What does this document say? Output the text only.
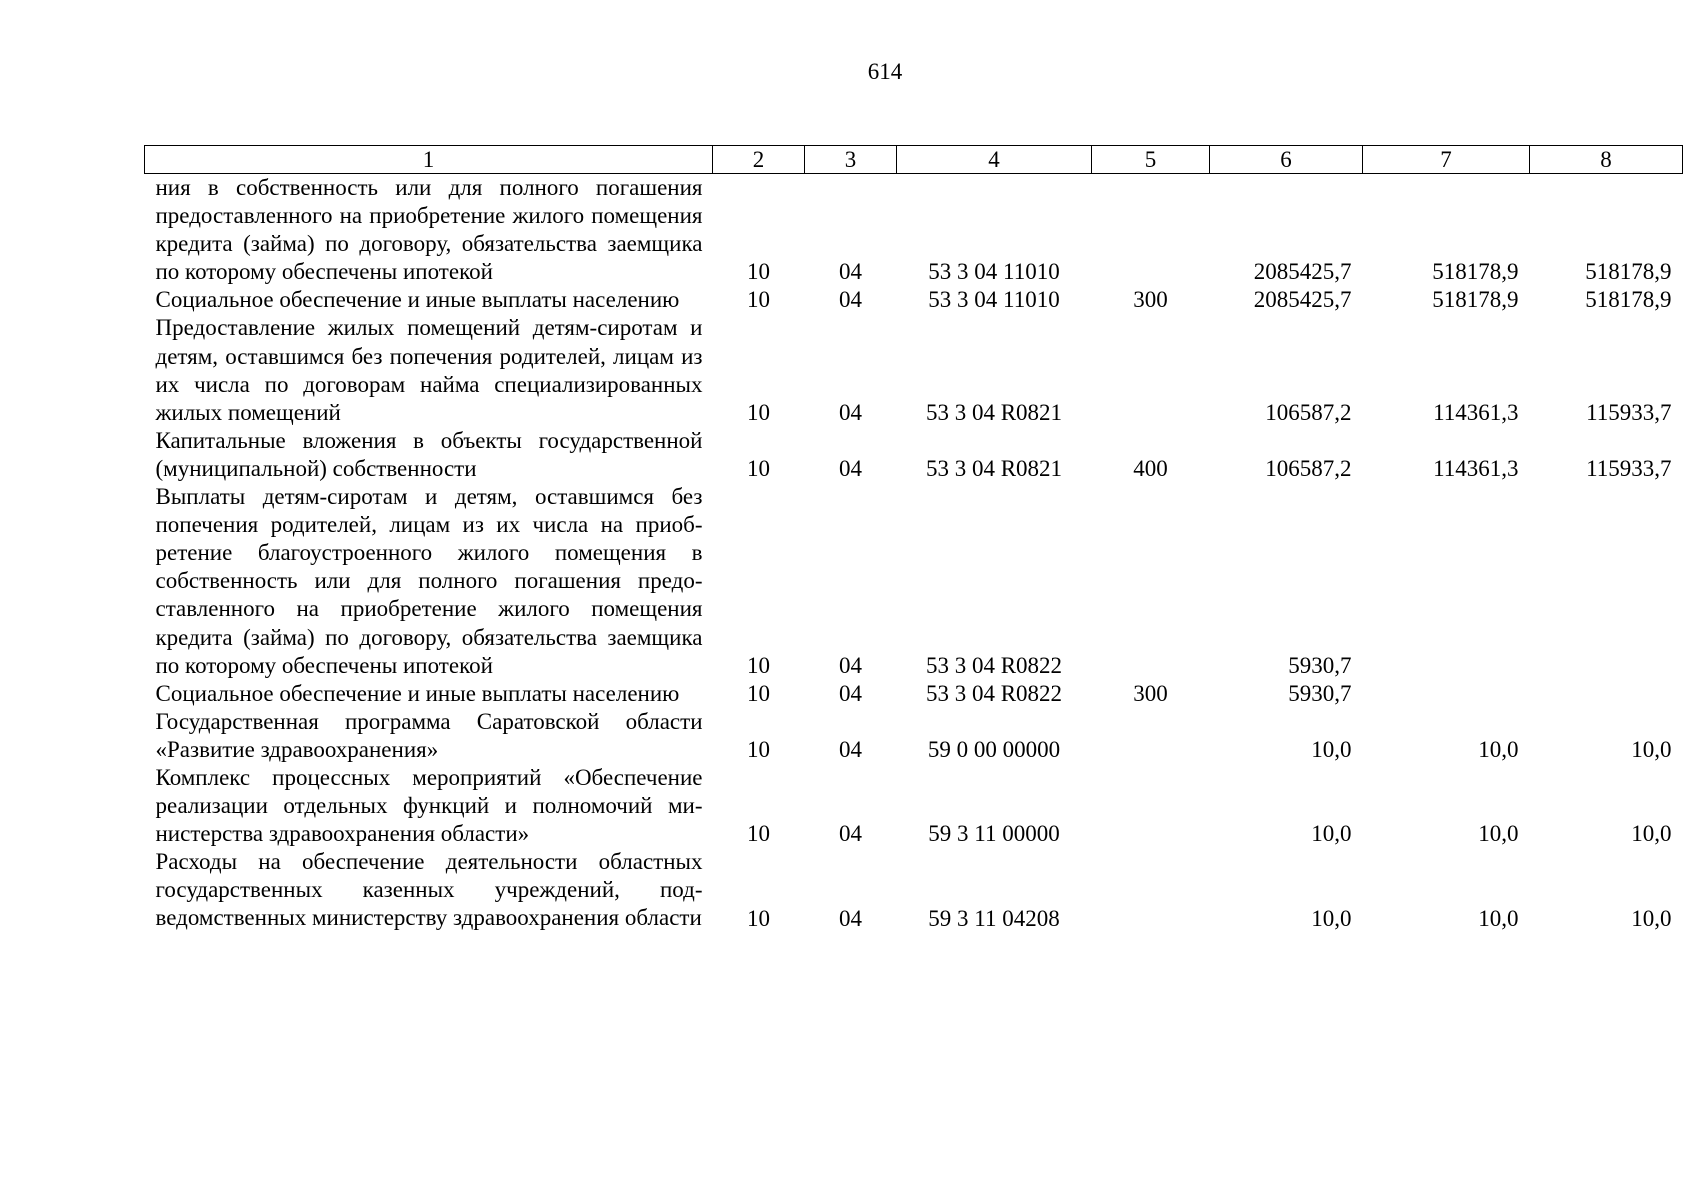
614
1	2	3	4	5	6	7	8
ния в собственность или для полного погашения предоставленного на приобретение жилого помещения кредита (займа) по договору, обязательства заемщика по которому обеспечены ипотекой	10	04	53 3 04 11010		2085425,7	518178,9	518178,9
Социальное обеспечение и иные выплаты населению	10	04	53 3 04 11010	300	2085425,7	518178,9	518178,9
Предоставление жилых помещений детям-сиротам и детям, оставшимся без попечения родителей, лицам из их числа по договорам найма специализированных жилых помещений	10	04	53 3 04 R0821		106587,2	114361,3	115933,7
Капитальные вложения в объекты государственной (муниципальной) собственности	10	04	53 3 04 R0821	400	106587,2	114361,3	115933,7
Выплаты детям-сиротам и детям, оставшимся без попечения родителей, лицам из их числа на приобретение благоустроенного жилого помещения в собственность или для полного погашения предоставленного на приобретение жилого помещения кредита (займа) по договору, обязательства заемщика по которому обеспечены ипотекой	10	04	53 3 04 R0822		5930,7		
Социальное обеспечение и иные выплаты населению	10	04	53 3 04 R0822	300	5930,7		
Государственная программа Саратовской области «Развитие здравоохранения»	10	04	59 0 00 00000		10,0	10,0	10,0
Комплекс процессных мероприятий «Обеспечение реализации отдельных функций и полномочий министерства здравоохранения области»	10	04	59 3 11 00000		10,0	10,0	10,0
Расходы на обеспечение деятельности областных государственных казенных учреждений, подведомственных министерству здравоохранения области	10	04	59 3 11 04208		10,0	10,0	10,0
